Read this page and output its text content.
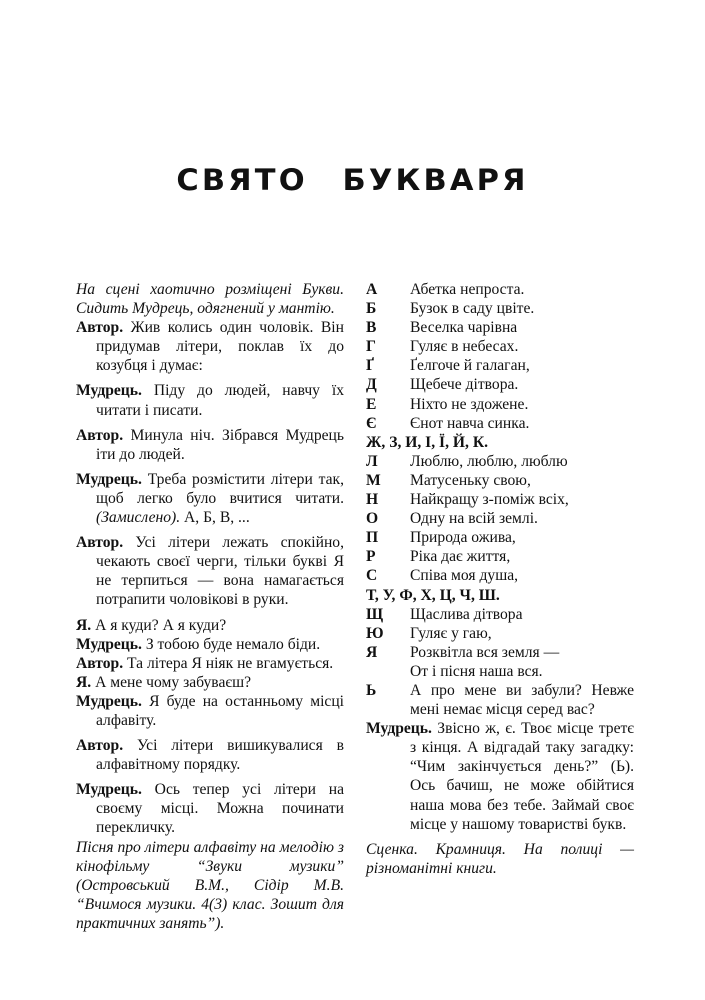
СВЯТО БУКВАРЯ

На сцені хаотично розміщені Букви. Сидить Мудрець, одягнений у мантію.

Автор. Жив колись один чоловік. Він придумав літери, поклав їх до козубця і думає:

Мудрець. Піду до людей, навчу їх читати і писати.

Автор. Минула ніч. Зібрався Мудрець іти до людей.

Мудрець. Треба розмістити літери так, щоб легко було вчитися читати. (Замислено). А, Б, В, ...

Автор. Усі літери лежать спокійно, чекають своєї черги, тільки букві Я не терпиться — вона намагається потрапити чоловікові в руки.

Я. А я куди? А я куди?

Мудрець. З тобою буде немало біди.

Автор. Та літера Я ніяк не вгамується.

Я. А мене чому забуваєш?

Мудрець. Я буде на останньому місці алфавіту.

Автор. Усі літери вишикувалися в алфавітному порядку.

Мудрець. Ось тепер усі літери на своєму місці. Можна починати перекличку.

Пісня про літери алфавіту на мелодію з кінофільму “Звуки музики” (Островський В.М., Сідір М.В. “Вчимося музики. 4(3) клас. Зошит для практичних занять”).

А	Абетка непроста.

Б	Бузок в саду цвіте.

В	Веселка чарівна

Г	Гуляє в небесах.

Ґ	Ґелгоче й галаган,

Д	Щебече дітвора.

Е	Ніхто не здожене.

Є	Єнот навча синка.

Ж, З, И, І, Ї, Й, К.

Л	Люблю, люблю, люблю

М	Матусеньку свою,

Н	Найкращу з-поміж всіх,

О	Одну на всій землі.

П	Природа ожива,

Р	Ріка дає життя,

С	Співа моя душа,

Т, У, Ф, Х, Ц, Ч, Ш.

Щ	Щаслива дітвора

Ю	Гуляє у гаю,

Я	Розквітла вся земля —

От і пісня наша вся.

Ь	А про мене ви забули? Невже мені немає місця серед вас?

Мудрець. Звісно ж, є. Твоє місце третє з кінця. А відгадай таку загадку: “Чим закінчується день?” (Ь). Ось бачиш, не може обійтися наша мова без тебе. Займай своє місце у нашому товаристві букв.

Сценка. Крамниця. На полиці — різноманітні книги.
